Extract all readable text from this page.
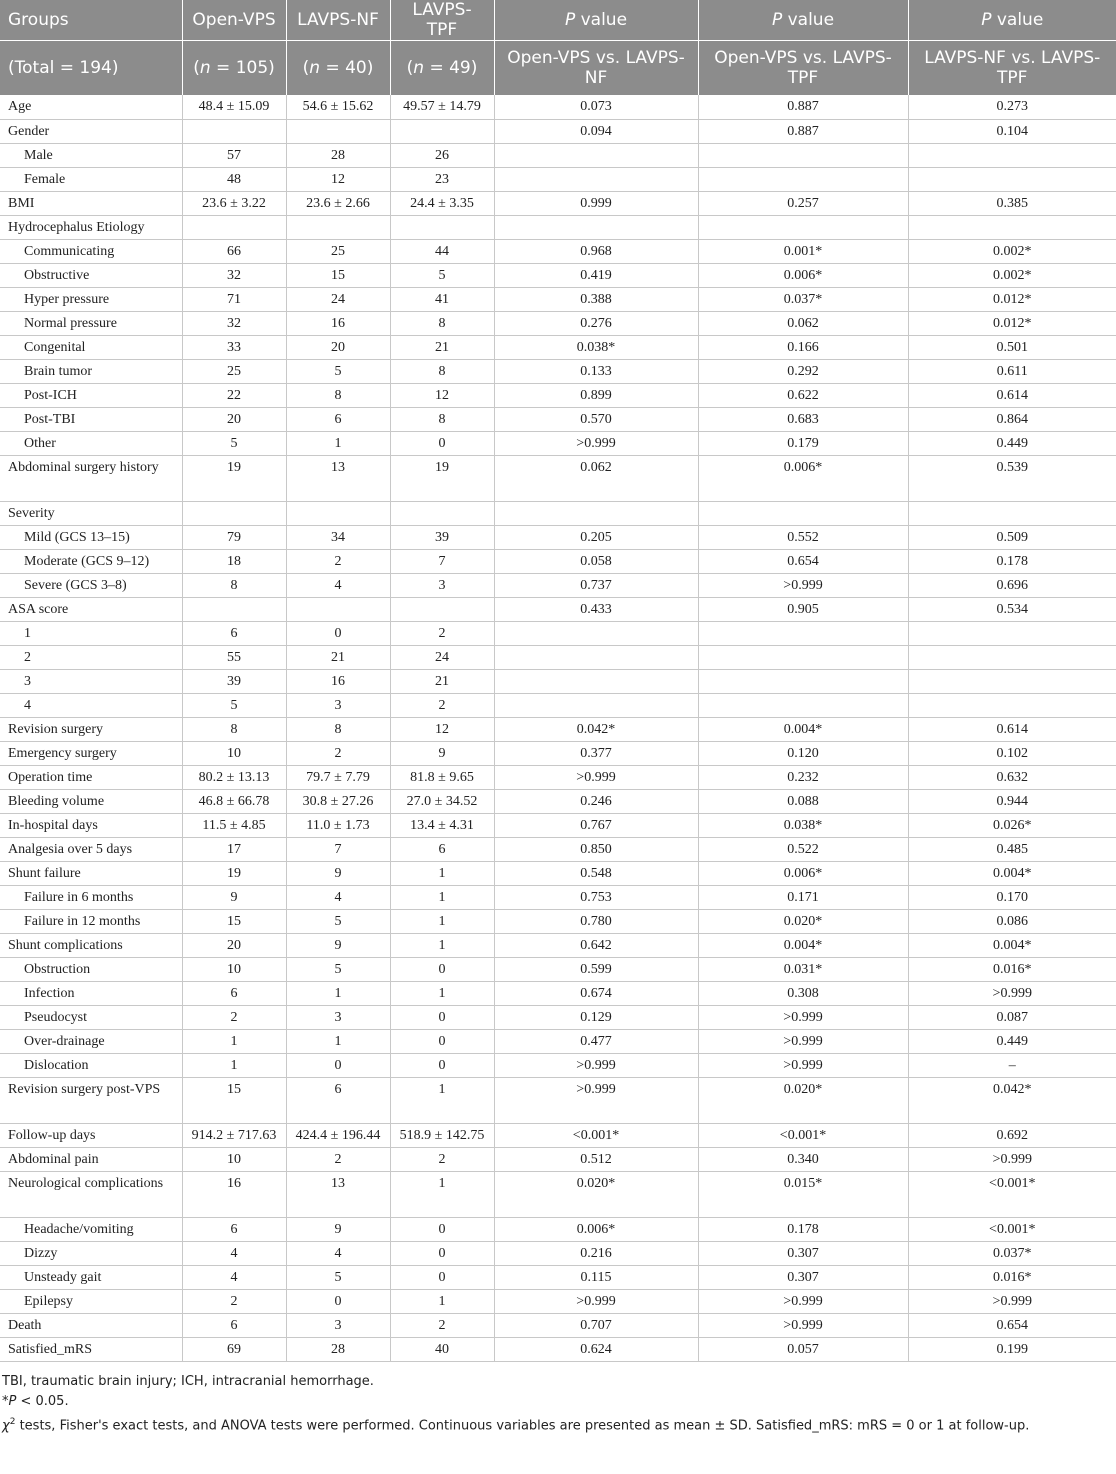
Groups	Open-VPS	LAVPS-NF	LAVPS-TPF	P value	P value	P value
(Total = 194)	(n = 105)	(n = 40)	(n = 49)	Open-VPS vs. LAVPS-NF	Open-VPS vs. LAVPS-TPF	LAVPS-NF vs. LAVPS-TPF
Age	48.4 ± 15.09	54.6 ± 15.62	49.57 ± 14.79	0.073	0.887	0.273
Gender				0.094	0.887	0.104
Male	57	28	26			
Female	48	12	23			
BMI	23.6 ± 3.22	23.6 ± 2.66	24.4 ± 3.35	0.999	0.257	0.385
Hydrocephalus Etiology						
Communicating	66	25	44	0.968	0.001*	0.002*
Obstructive	32	15	5	0.419	0.006*	0.002*
Hyper pressure	71	24	41	0.388	0.037*	0.012*
Normal pressure	32	16	8	0.276	0.062	0.012*
Congenital	33	20	21	0.038*	0.166	0.501
Brain tumor	25	5	8	0.133	0.292	0.611
Post-ICH	22	8	12	0.899	0.622	0.614
Post-TBI	20	6	8	0.570	0.683	0.864
Other	5	1	0	>0.999	0.179	0.449
Abdominal surgery history	19	13	19	0.062	0.006*	0.539
Severity						
Mild (GCS 13–15)	79	34	39	0.205	0.552	0.509
Moderate (GCS 9–12)	18	2	7	0.058	0.654	0.178
Severe (GCS 3–8)	8	4	3	0.737	>0.999	0.696
ASA score				0.433	0.905	0.534
1	6	0	2			
2	55	21	24			
3	39	16	21			
4	5	3	2			
Revision surgery	8	8	12	0.042*	0.004*	0.614
Emergency surgery	10	2	9	0.377	0.120	0.102
Operation time	80.2 ± 13.13	79.7 ± 7.79	81.8 ± 9.65	>0.999	0.232	0.632
Bleeding volume	46.8 ± 66.78	30.8 ± 27.26	27.0 ± 34.52	0.246	0.088	0.944
In-hospital days	11.5 ± 4.85	11.0 ± 1.73	13.4 ± 4.31	0.767	0.038*	0.026*
Analgesia over 5 days	17	7	6	0.850	0.522	0.485
Shunt failure	19	9	1	0.548	0.006*	0.004*
Failure in 6 months	9	4	1	0.753	0.171	0.170
Failure in 12 months	15	5	1	0.780	0.020*	0.086
Shunt complications	20	9	1	0.642	0.004*	0.004*
Obstruction	10	5	0	0.599	0.031*	0.016*
Infection	6	1	1	0.674	0.308	>0.999
Pseudocyst	2	3	0	0.129	>0.999	0.087
Over-drainage	1	1	0	0.477	>0.999	0.449
Dislocation	1	0	0	>0.999	>0.999	–
Revision surgery post-VPS	15	6	1	>0.999	0.020*	0.042*
Follow-up days	914.2 ± 717.63	424.4 ± 196.44	518.9 ± 142.75	<0.001*	<0.001*	0.692
Abdominal pain	10	2	2	0.512	0.340	>0.999
Neurological complications	16	13	1	0.020*	0.015*	<0.001*
Headache/vomiting	6	9	0	0.006*	0.178	<0.001*
Dizzy	4	4	0	0.216	0.307	0.037*
Unsteady gait	4	5	0	0.115	0.307	0.016*
Epilepsy	2	0	1	>0.999	>0.999	>0.999
Death	6	3	2	0.707	>0.999	0.654
Satisfied_mRS	69	28	40	0.624	0.057	0.199
TBI, traumatic brain injury; ICH, intracranial hemorrhage.
*P < 0.05.
$\chi^2$ tests, Fisher's exact tests, and ANOVA tests were performed. Continuous variables are presented as mean ± SD. Satisfied_mRS: mRS = 0 or 1 at follow-up.
